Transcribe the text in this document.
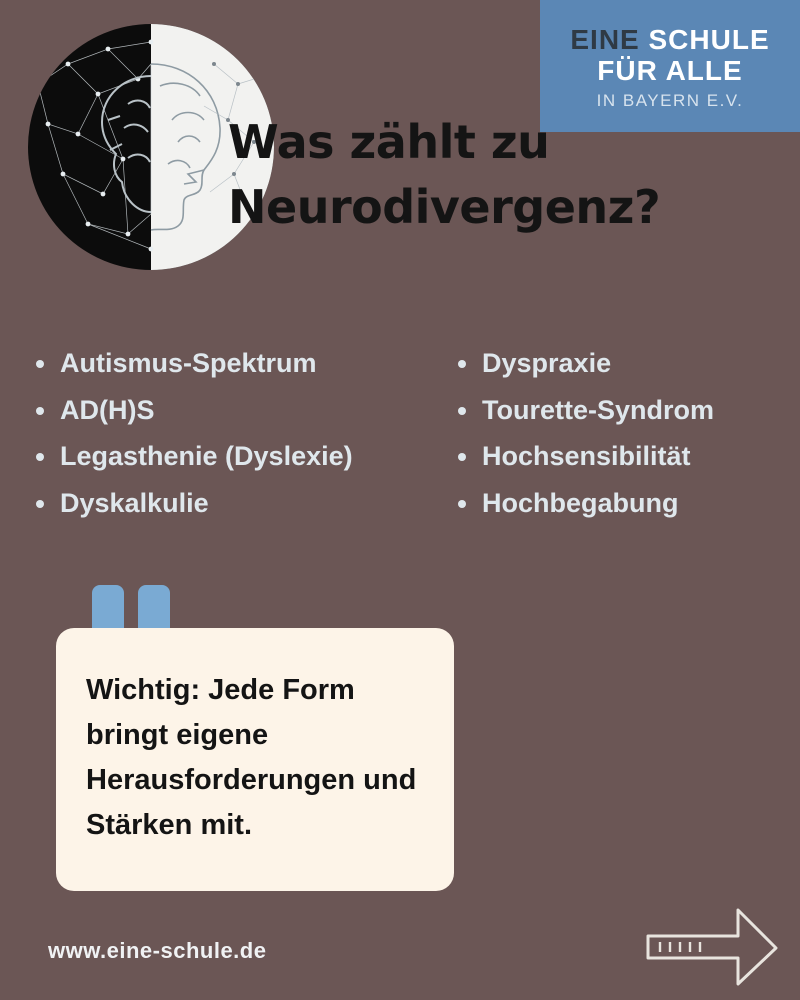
EINE SCHULE
FÜR ALLE
IN BAYERN E.V.
Was zählt zu
Neurodivergenz?
Autismus-Spektrum
AD(H)S
Legasthenie (Dyslexie)
Dyskalkulie
Dyspraxie
Tourette-Syndrom
Hochsensibilität
Hochbegabung
Wichtig: Jede Form bringt eigene Herausforderungen und Stärken mit.
www.eine-schule.de
